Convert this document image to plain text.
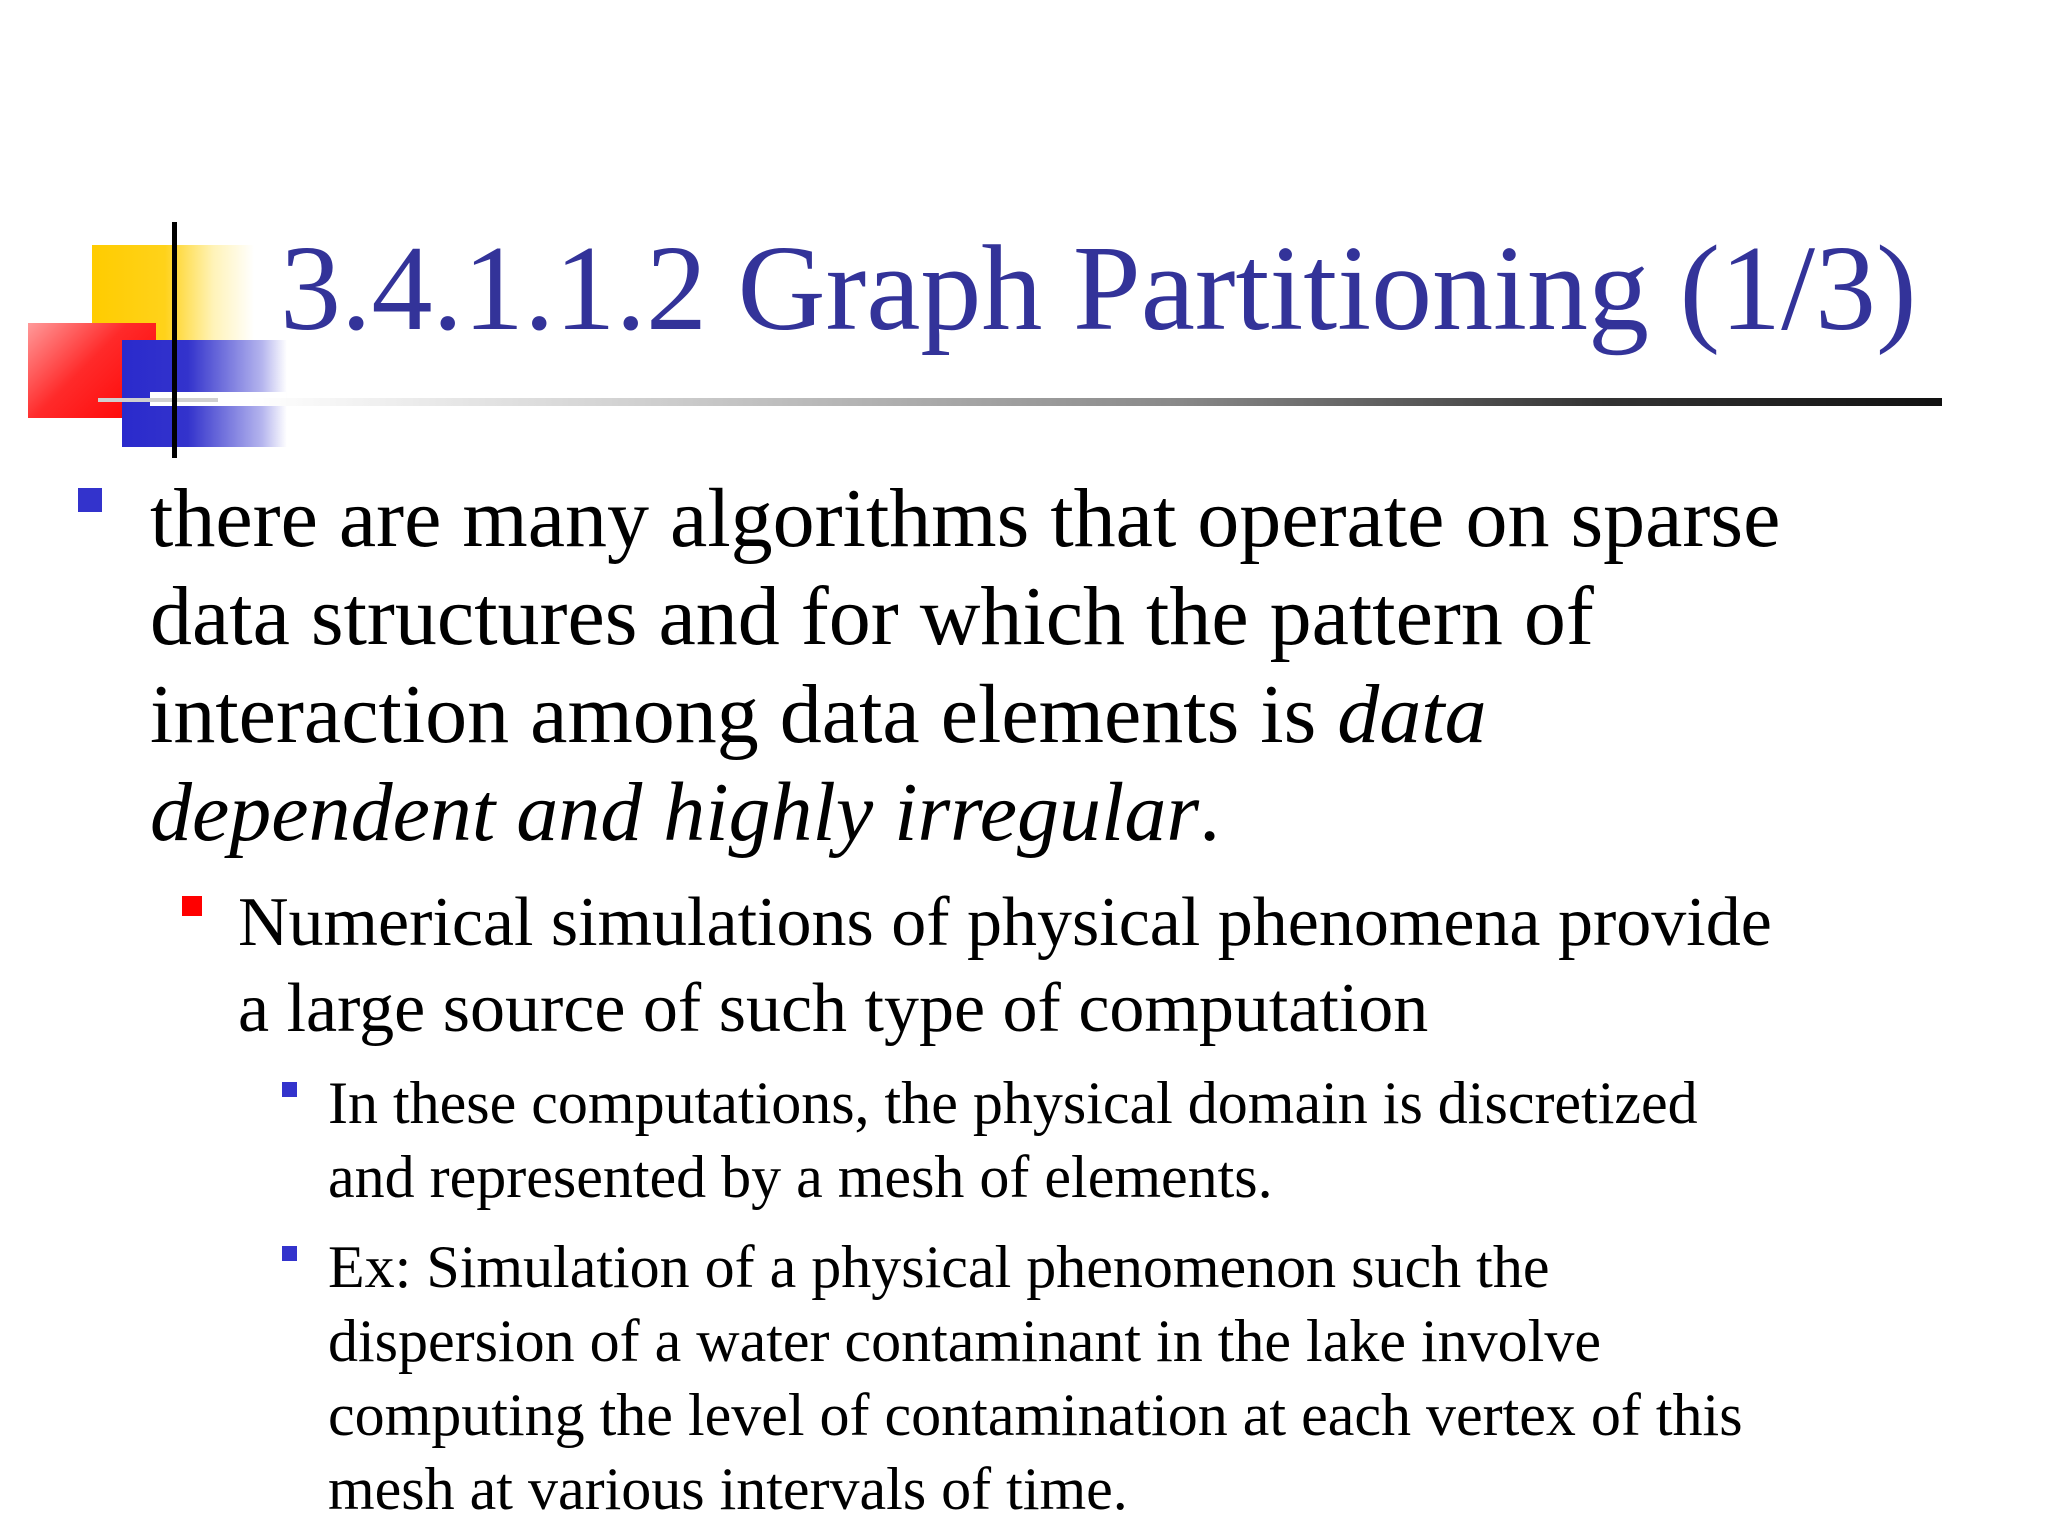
3.4.1.1.2 Graph Partitioning (1/3)
there are many algorithms that operate on sparse
data structures and for which the pattern of
interaction among data elements is data
dependent and highly irregular.
Numerical simulations of physical phenomena provide
a large source of such type of computation
In these computations, the physical domain is discretized
and represented by a mesh of elements.
Ex: Simulation of a physical phenomenon such the
dispersion of a water contaminant in the lake involve
computing the level of contamination at each vertex of this
mesh at various intervals of time.
